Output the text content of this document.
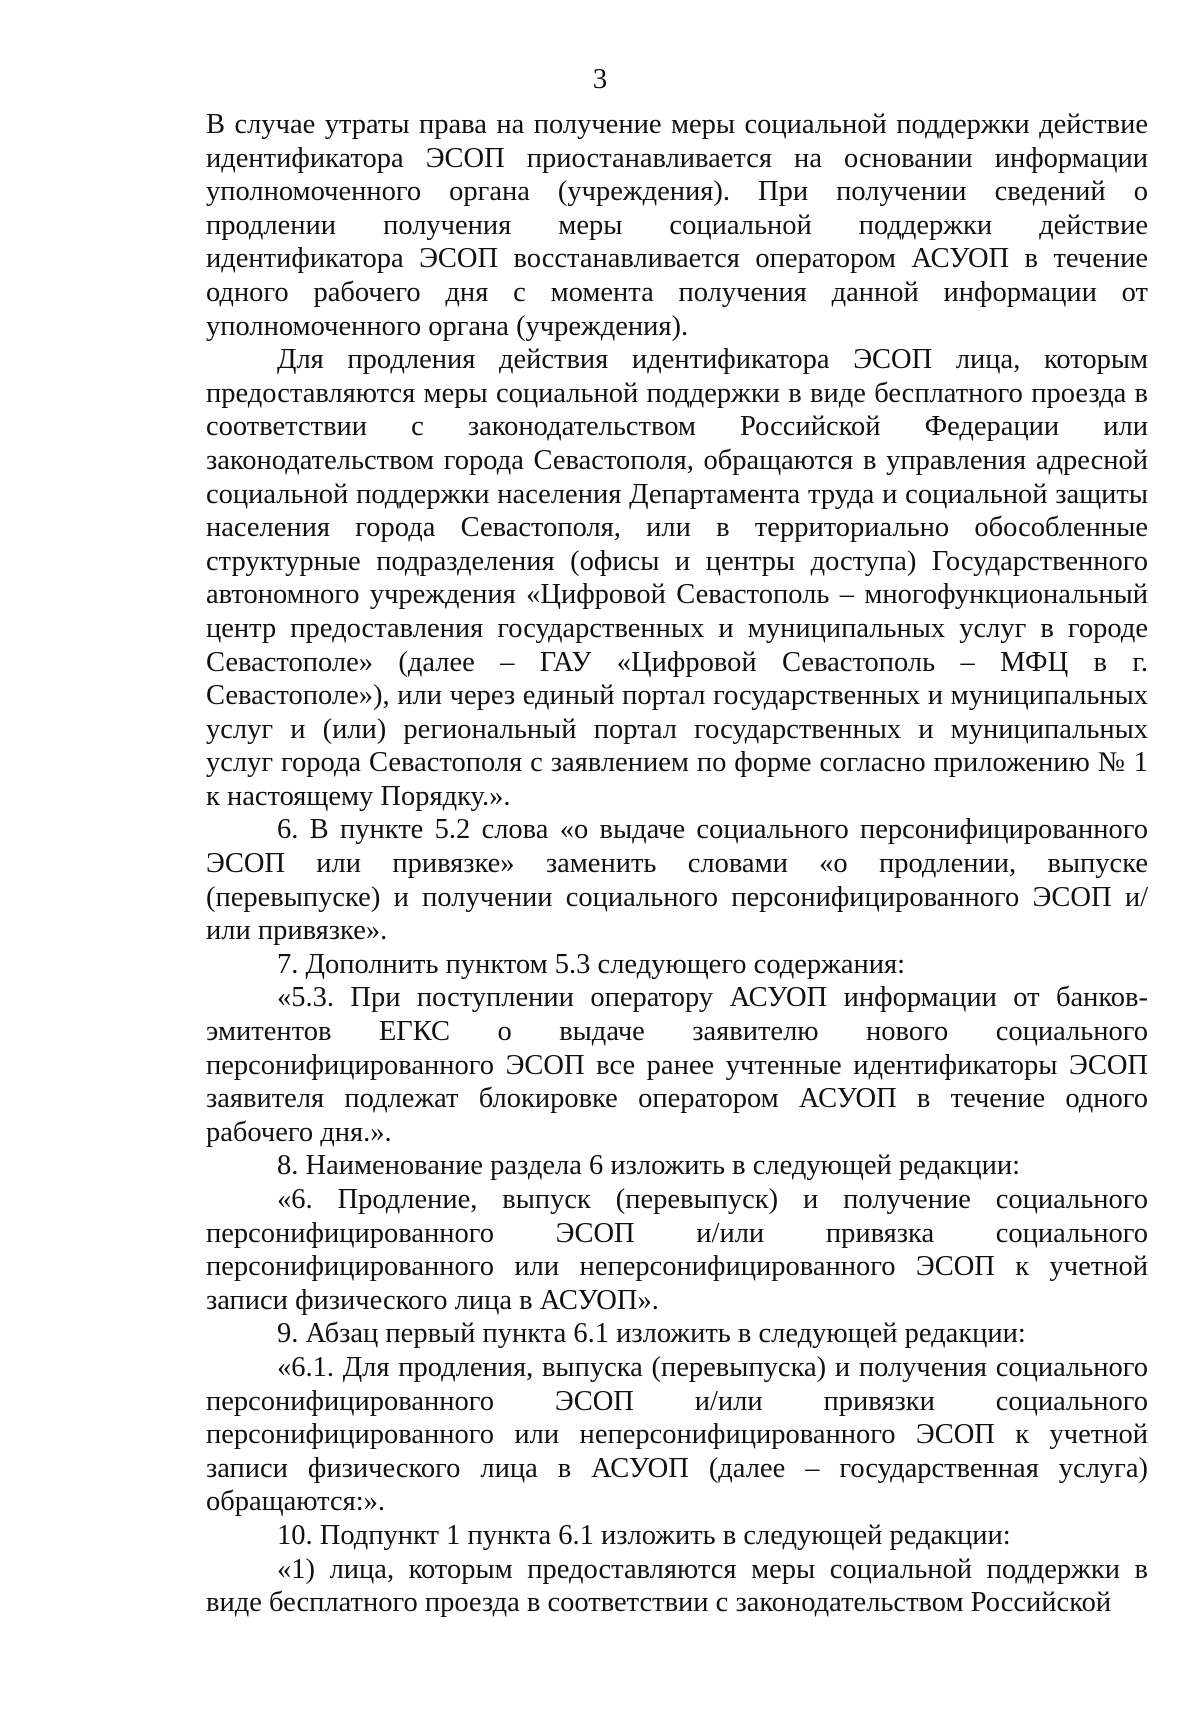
3

В случае утраты права на получение меры социальной поддержки действие идентификатора ЭСОП приостанавливается на основании информации уполномоченного органа (учреждения). При получении сведений о продлении получения меры социальной поддержки действие идентификатора ЭСОП восстанавливается оператором АСУОП в течение одного рабочего дня с момента получения данной информации от уполномоченного органа (учреждения).

Для продления действия идентификатора ЭСОП лица, которым предоставляются меры социальной поддержки в виде бесплатного проезда в соответствии с законодательством Российской Федерации или законодательством города Севастополя, обращаются в управления адресной социальной поддержки населения Департамента труда и социальной защиты населения города Севастополя, или в территориально обособленные структурные подразделения (офисы и центры доступа) Государственного автономного учреждения «Цифровой Севастополь – многофункциональный центр предоставления государственных и муниципальных услуг в городе Севастополе» (далее – ГАУ «Цифровой Севастополь – МФЦ в г. Севастополе»), или через единый портал государственных и муниципальных услуг и (или) региональный портал государственных и муниципальных услуг города Севастополя с заявлением по форме согласно приложению № 1 к настоящему Порядку.».

6. В пункте 5.2 слова «о выдаче социального персонифицированного ЭСОП или привязке» заменить словами «о продлении, выпуске (перевыпуске) и получении социального персонифицированного ЭСОП и/или привязке».

7. Дополнить пунктом 5.3 следующего содержания:

«5.3. При поступлении оператору АСУОП информации от банков-эмитентов ЕГКС о выдаче заявителю нового социального персонифицированного ЭСОП все ранее учтенные идентификаторы ЭСОП заявителя подлежат блокировке оператором АСУОП в течение одного рабочего дня.».

8. Наименование раздела 6 изложить в следующей редакции:

«6. Продление, выпуск (перевыпуск) и получение социального персонифицированного ЭСОП и/или привязка социального персонифицированного или неперсонифицированного ЭСОП к учетной записи физического лица в АСУОП».

9. Абзац первый пункта 6.1 изложить в следующей редакции:

«6.1. Для продления, выпуска (перевыпуска) и получения социального персонифицированного ЭСОП и/или привязки социального персонифицированного или неперсонифицированного ЭСОП к учетной записи физического лица в АСУОП (далее – государственная услуга) обращаются:».

10. Подпункт 1 пункта 6.1 изложить в следующей редакции:

«1) лица, которым предоставляются меры социальной поддержки в виде бесплатного проезда в соответствии с законодательством Российской
